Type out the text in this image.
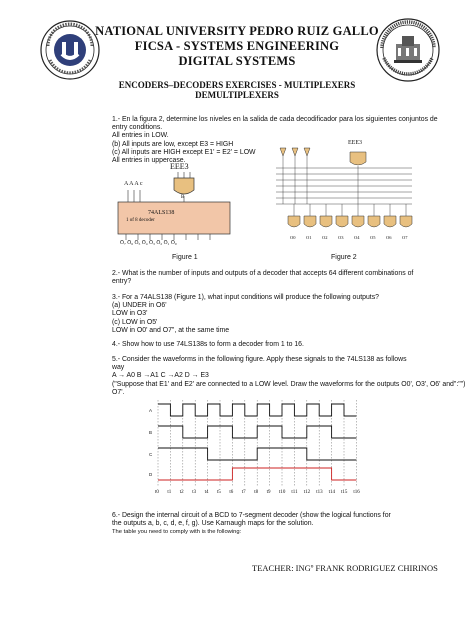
NATIONAL UNIVERSITY PEDRO RUIZ GALLO
FICSA - SYSTEMS ENGINEERING
DIGITAL SYSTEMS
ENCODERS–DECODERS EXERCISES - MULTIPLEXERS
DEMULTIPLEXERS
1.- En la figura 2, determine los niveles en la salida de cada decodificador para los siguientes conjuntos de
entry conditions.
All entries in LOW.
(b) All inputs are low, except E3 = HIGH
(c) All inputs are HIGH except E1' = E2' = LOW
All entries in uppercase.
EEE3
A A A c
B
74ALS138
1 of 8 decoder
O̅₇ O̅₆ O̅₅ O̅₄ O̅₃ O̅₂ O̅₁ O̅₀
Figure 1
EEE3
O0 O1 O2 O3 O4 O5 O6 O7
Figure 2
2.- What is the number of inputs and outputs of a decoder that accepts 64 different combinations of
entry?
3.- For a 74ALS138 (Figure 1), what input conditions will produce the following outputs?
(a) UNDER in O6'
LOW in O3'
(c) LOW in O5'
LOW in O0' and O7", at the same time
4.- Show how to use 74LS138s to form a decoder from 1 to 16.
5.- Consider the waveforms in the following figure. Apply these signals to the 74LS138 as follows
way
A → A0 B →A1 C →A2 D → E3
("Suppose that E1' and E2' are connected to a LOW level. Draw the waveforms for the outputs O0', O3', O6' and":"")
O7'.
A
B
C
D
t0 t1 t2 t3 t4 t5 t6 t7 t8 t9 t10 t11 t12 t13 t14 t15 t16
6.- Design the internal circuit of a BCD to 7-segment decoder (show the logical functions for
the outputs a, b, c, d, e, f, g). Use Karnaugh maps for the solution.
The table you need to comply with is the following:
TEACHER: INGº FRANK RODRIGUEZ CHIRINOS
